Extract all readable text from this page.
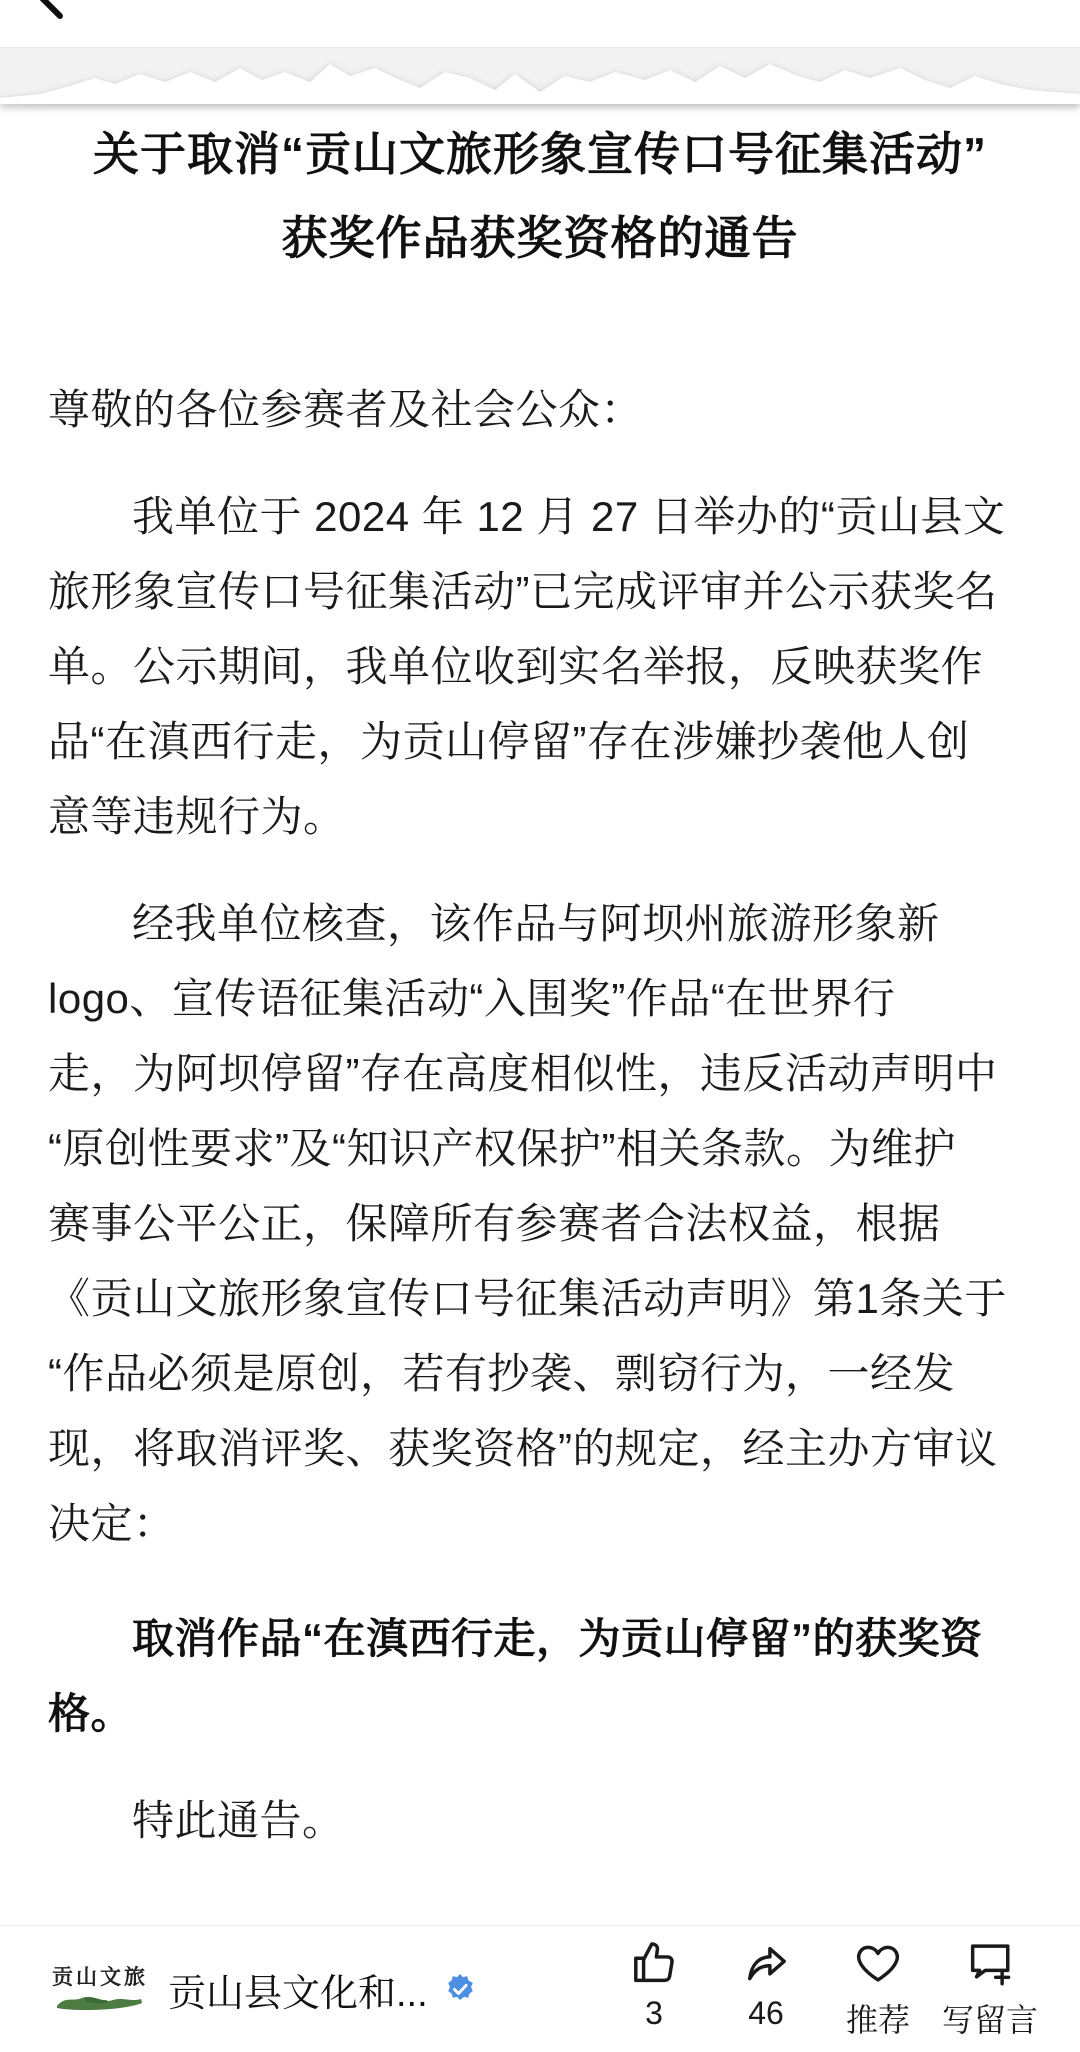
关于取消“贡山文旅形象宣传口号征集活动”
获奖作品获奖资格的通告
尊敬的各位参赛者及社会公众：
我单位于 2024 年 12 月 27 日举办的“贡山县文
旅形象宣传口号征集活动”已完成评审并公示获奖名
单。公示期间，我单位收到实名举报，反映获奖作
品“在滇西行走，为贡山停留”存在涉嫌抄袭他人创
意等违规行为。
经我单位核查，该作品与阿坝州旅游形象新
logo、宣传语征集活动“入围奖”作品“在世界行
走，为阿坝停留”存在高度相似性，违反活动声明中
“原创性要求”及“知识产权保护”相关条款。为维护
赛事公平公正，保障所有参赛者合法权益，根据
《贡山文旅形象宣传口号征集活动声明》第1条关于
“作品必须是原创，若有抄袭、剽窃行为，一经发
现，将取消评奖、获奖资格”的规定，经主办方审议
决定：
取消作品“在滇西行走，为贡山停留”的获奖资
格。
特此通告。
贡山文旅 贡山县文化和...	3	46 推荐 写留言
